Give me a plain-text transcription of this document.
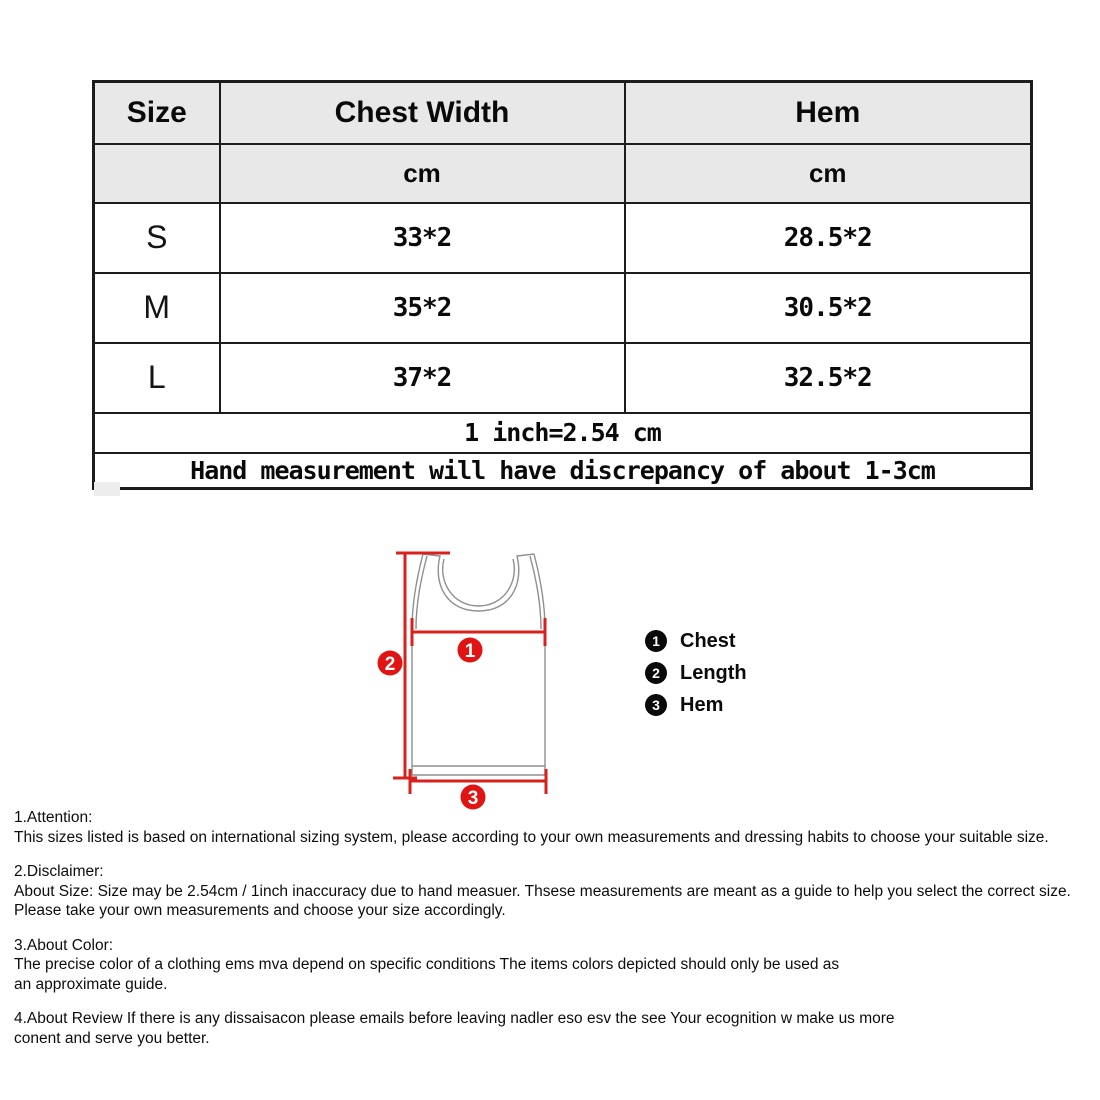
Size	Chest Width	Hem
	cm	cm
S	33*2	28.5*2
M	35*2	30.5*2
L	37*2	32.5*2
1 inch=2.54 cm		
Hand measurement will have discrepancy of about 1-3cm		
1
2
3
1	Chest
2	Length
3	Hem
1.Attention:
This sizes listed is based on international sizing system, please according to your own measurements and dressing habits to choose your suitable size.
2.Disclaimer:
About Size: Size may be 2.54cm / 1inch inaccuracy due to hand measuer. Thsese measurements are meant as a guide to help you select the correct size.
Please take your own measurements and choose your size accordingly.
3.About Color:
The precise color of a clothing ems mva depend on specific conditions The items colors depicted should only be used as
an approximate guide.
4.About Review If there is any dissaisacon please emails before leaving nadler eso esv the see Your ecognition w make us more
conent and serve you better.
